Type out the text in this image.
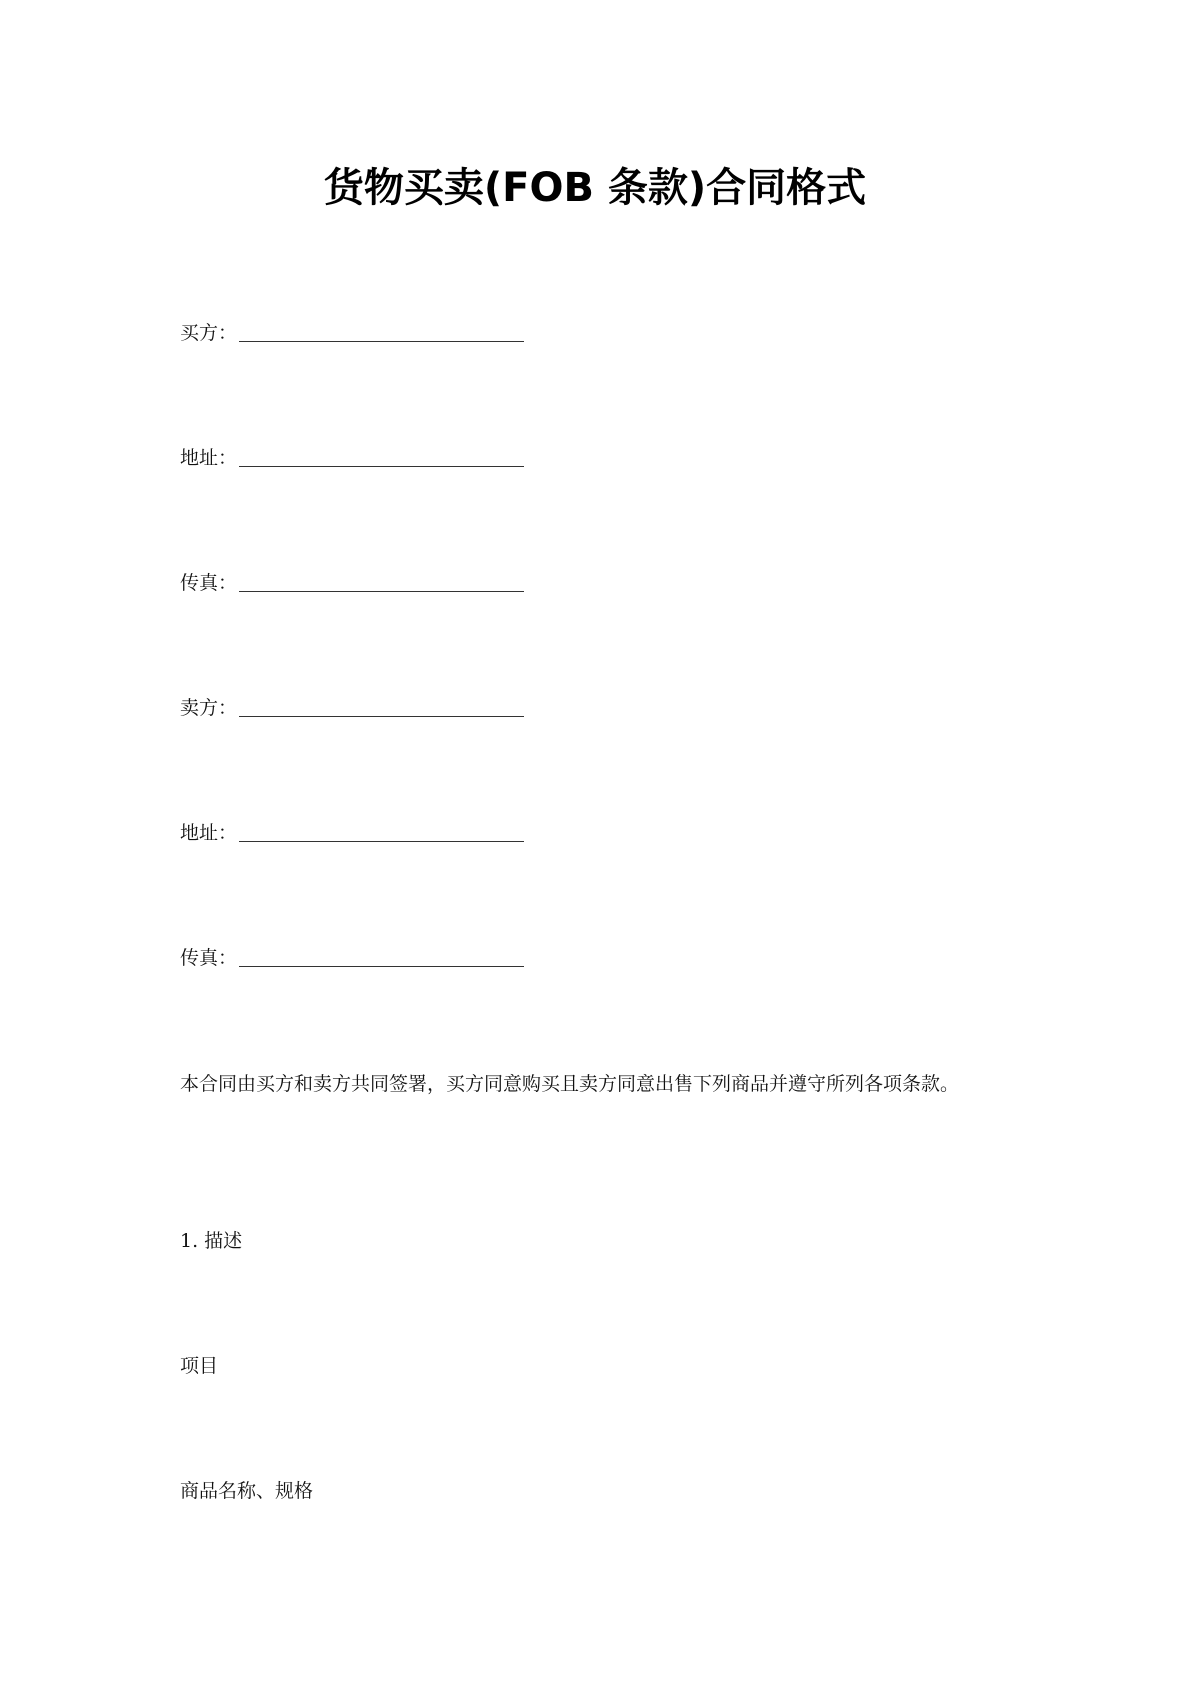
货物买卖(FOB 条款)合同格式
买方：
地址：
传真：
卖方：
地址：
传真：
本合同由买方和卖方共同签署，买方同意购买且卖方同意出售下列商品并遵守所列各项条款。
1. 描述
项目
商品名称、规格
